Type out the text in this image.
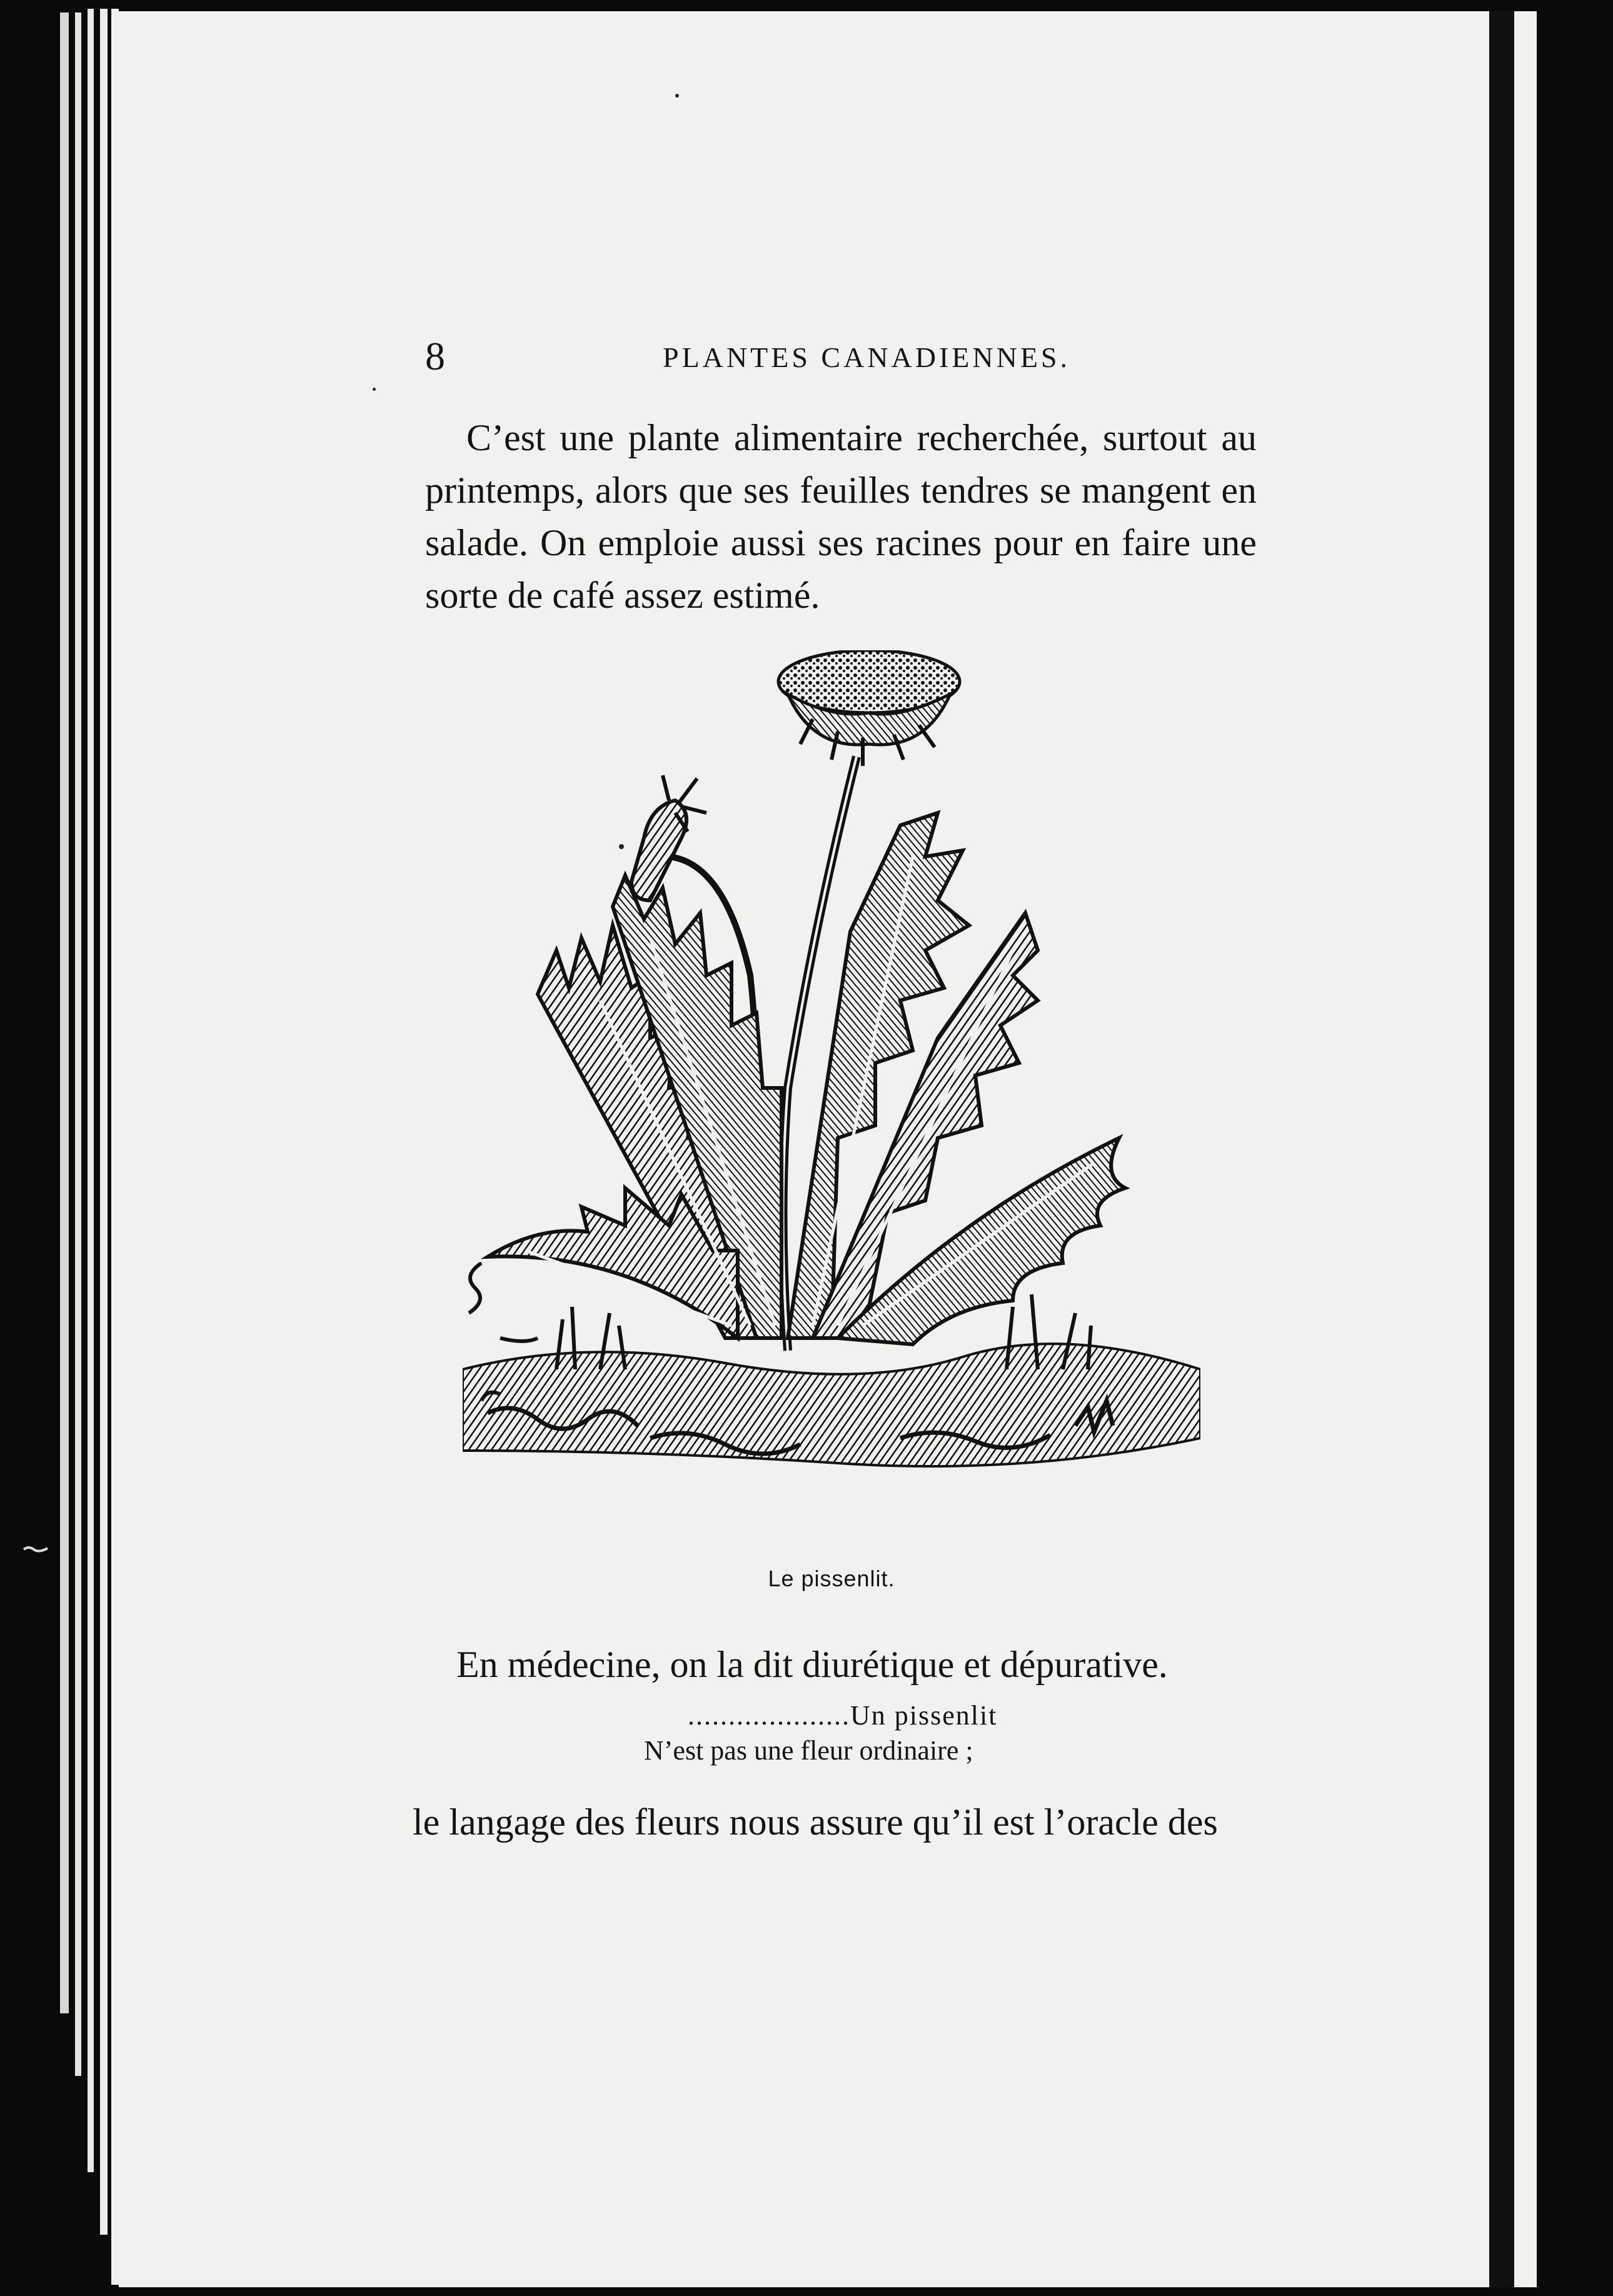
8	PLANTES CANADIENNES.

C’est une plante alimentaire recherchée, surtout au printemps, alors que ses feuilles tendres se mangent en salade. On emploie aussi ses racines pour en faire une sorte de café assez estimé.

Le pissenlit.

En médecine, on la dit diurétique et dépurative.

....................Un pissenlit
N’est pas une fleur ordinaire ;

le langage des fleurs nous assure qu’il est l’oracle des
